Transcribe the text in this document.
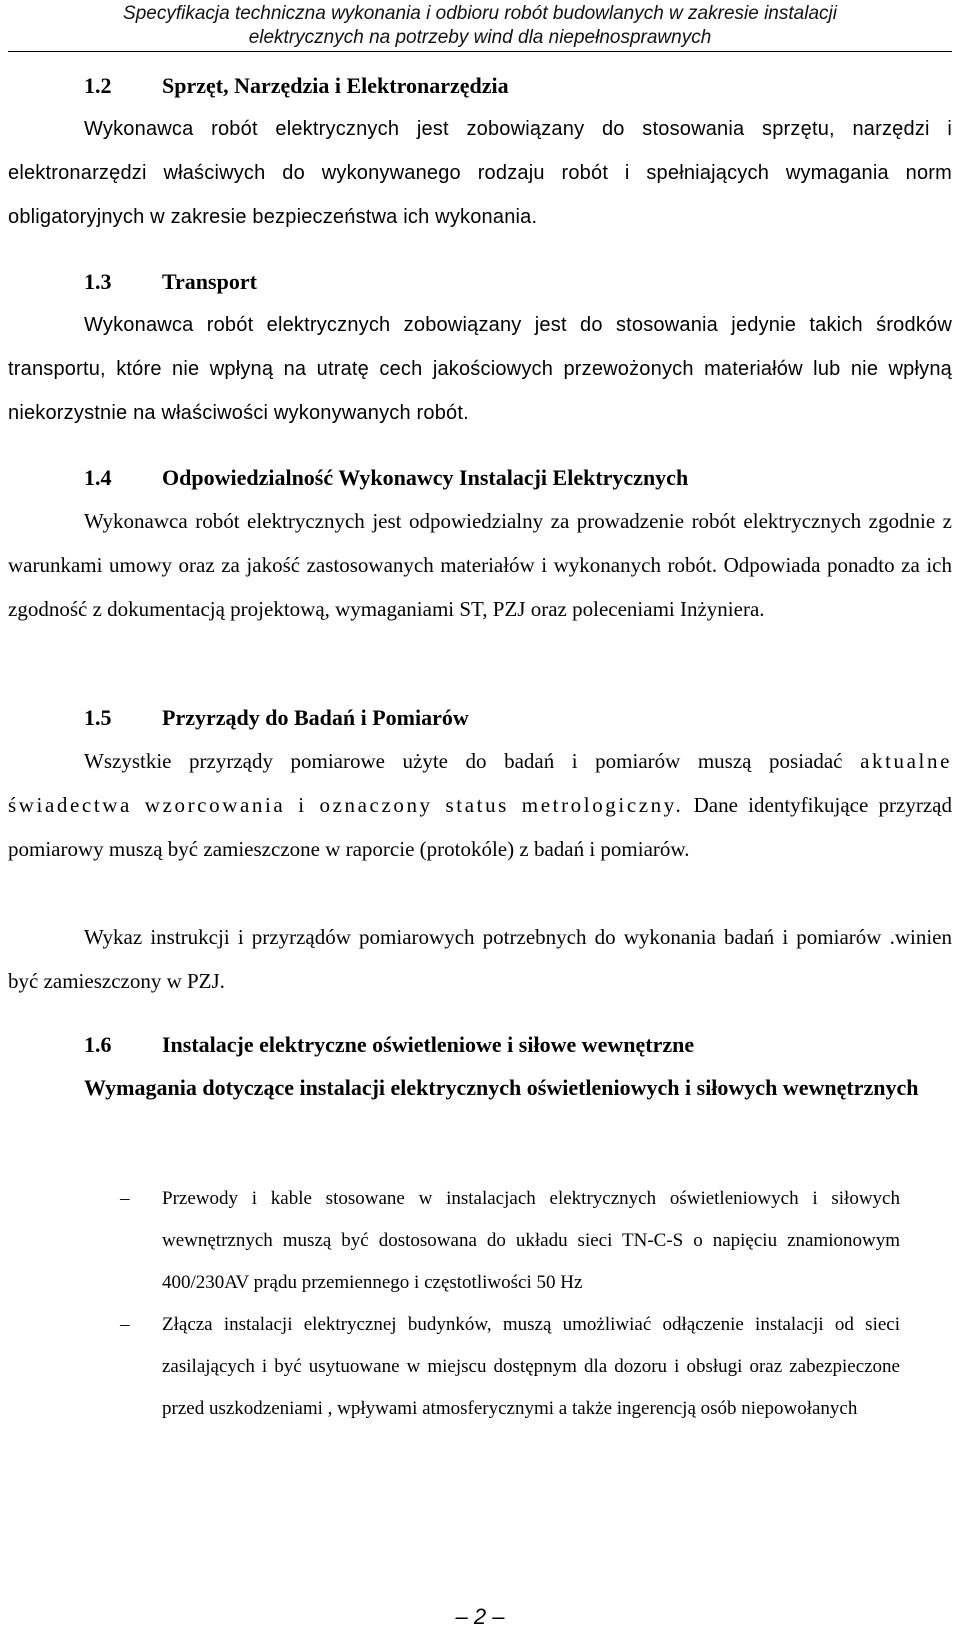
Specyfikacja techniczna wykonania i odbioru robót budowlanych w zakresie instalacji
elektrycznych na potrzeby wind dla niepełnosprawnych
1.2 Sprzęt, Narzędzia i Elektronarzędzia
Wykonawca robót elektrycznych jest zobowiązany do stosowania sprzętu, narzędzi i elektronarzędzi właściwych do wykonywanego rodzaju robót i spełniających wymagania norm obligatoryjnych w zakresie bezpieczeństwa ich wykonania.
1.3 Transport
Wykonawca robót elektrycznych zobowiązany jest do stosowania jedynie takich środków transportu, które nie wpłyną na utratę cech jakościowych przewożonych materiałów lub nie wpłyną niekorzystnie na właściwości wykonywanych robót.
1.4 Odpowiedzialność Wykonawcy Instalacji Elektrycznych
Wykonawca robót elektrycznych jest odpowiedzialny za prowadzenie robót elektrycznych zgodnie z warunkami umowy oraz za jakość zastosowanych materiałów i wykonanych robót. Odpowiada ponadto za ich zgodność z dokumentacją projektową, wymaganiami ST, PZJ oraz poleceniami Inżyniera.
1.5 Przyrządy do Badań i Pomiarów
Wszystkie przyrządy pomiarowe użyte do badań i pomiarów muszą posiadać aktualne świadectwa wzorcowania i oznaczony status metrologiczny. Dane identyfikujące przyrząd pomiarowy muszą być zamieszczone w raporcie (protokóle) z badań i pomiarów.
Wykaz instrukcji i przyrządów pomiarowych potrzebnych do wykonania badań i pomiarów .winien być zamieszczony w PZJ.
1.6 Instalacje elektryczne oświetleniowe i siłowe wewnętrzne
Wymagania dotyczące instalacji elektrycznych oświetleniowych i siłowych wewnętrznych
–	Przewody i kable stosowane w instalacjach elektrycznych oświetleniowych i siłowych wewnętrznych muszą być dostosowana do układu sieci TN-C-S o napięciu znamionowym 400/230AV prądu przemiennego i częstotliwości 50 Hz
–	Złącza instalacji elektrycznej budynków, muszą umożliwiać odłączenie instalacji od sieci zasilających i być usytuowane w miejscu dostępnym dla dozoru i obsługi oraz zabezpieczone przed uszkodzeniami , wpływami atmosferycznymi a także ingerencją osób niepowołanych
– 2 –
